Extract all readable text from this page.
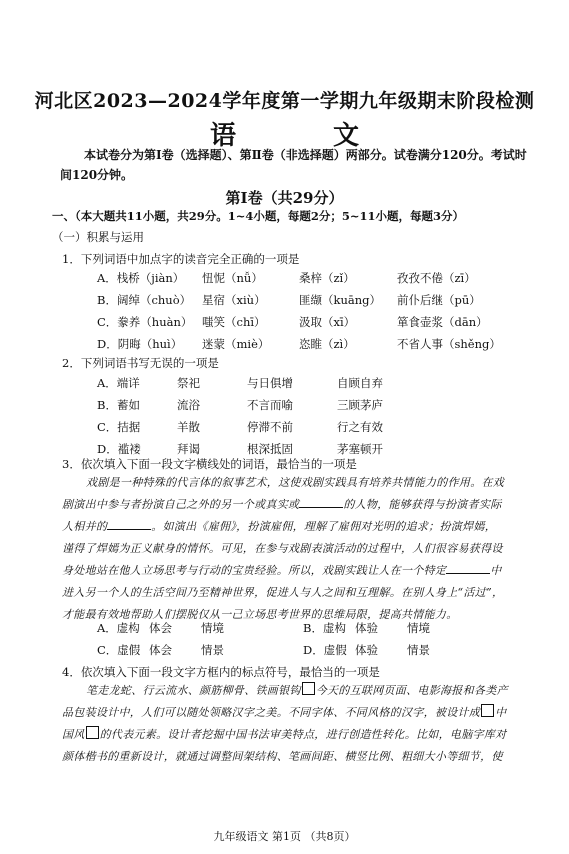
河北区2023—2024学年度第一学期九年级期末阶段检测
语 文
本试卷分为第Ⅰ卷（选择题）、第Ⅱ卷（非选择题）两部分。试卷满分120分。考试时间120分钟。
第Ⅰ卷（共29分）
一、（本大题共11小题，共29分。1~4小题，每题2分；5~11小题，每题3分）
（一）积累与运用
1．下列词语中加点字的读音完全正确的一项是
A．栈桥（jiàn）	忸怩（nǚ）	桑梓（zǐ）	孜孜不倦（zī）
B．阔绰（chuò） 星宿（xiù）	匪缬（kuāng）	前仆后继（pū）
C．豢养（huàn） 嗤笑（chī）	汲取（xī）	箪食壶浆（dān）
D．阴晦（huì）	迷蒙（miè）	恣睢（zì）	不省人事（shěng）
2．下列词语书写无误的一项是
A．端详	祭祀	与日俱增	自顾自弃
B．蓄如	流浴	不言而喻	三顾茅庐
C．拮据	羊散	停滞不前	行之有效
D．褴褛	拜谒	根深抵固	茅塞顿开
3．依次填入下面一段文字横线处的词语，最恰当的一项是
戏剧是一种特殊的代言体的叙事艺术，这使戏剧实践具有培养共情能力的作用。在戏
剧演出中参与者扮演自己之外的另一个或真实或	的人物，能够获得与扮演者实际
人相并的	。如演出《雇佣》，扮演雇佣，理解了雇佣对光明的追求；扮演焊嫣，
谨得了焊嫣为正义献身的情怀。可见，在参与戏剧表演活动的过程中，人们很容易获得设
身处地站在他人立场思考与行动的宝贵经验。所以，戏剧实践让人在一个特定	中
进入另一个人的生活空间乃至精神世界，促进人与人之间和互理解。在别人身上“活过”，
才能最有效地帮助人们摆脱仅从一己立场思考世界的思维局限，提高共情能力。
A．虚构 体会	情境	B．虚构 体验	情境
C．虚假 体会	情景	D．虚假 体验	情景
4．依次填入下面一段文字方框内的标点符号，最恰当的一项是
笔走龙蛇、行云流水、颜筋柳骨、铁画银钩 今天的互联网页面、电影海报和各类产
品包装设计中，人们可以随处领略汉字之美。不同字体、不同风格的汉字，被设计成 中
国风 的代表元素。设计者挖掘中国书法审美特点，进行创造性转化。比如，电脑字库对
颜体楷书的重新设计，就通过调整间架结构、笔画间距、横竖比例、粗细大小等细节，使
九年级语文 第1页 （共8页）
